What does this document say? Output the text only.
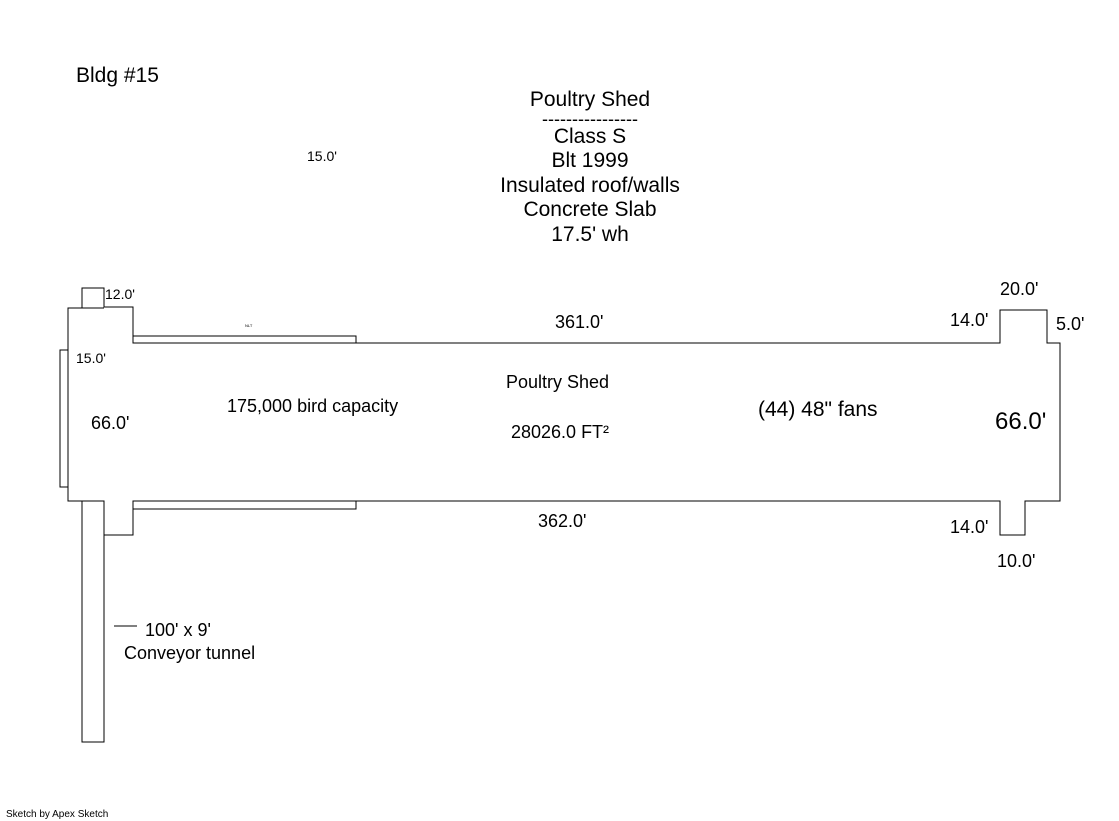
Bldg #15
Poultry Shed
----------------
Class S
Blt 1999
Insulated roof/walls
Concrete Slab
17.5' wh
15.0'
12.0'
15.0'
361.0'
20.0'
14.0'	5.0'
NLT
66.0'	66.0'
Poultry Shed
28026.0 FT²
175,000 bird capacity	(44) 48" fans
362.0'	14.0'
10.0'
100' x 9'
Conveyor tunnel
Sketch by Apex Sketch
